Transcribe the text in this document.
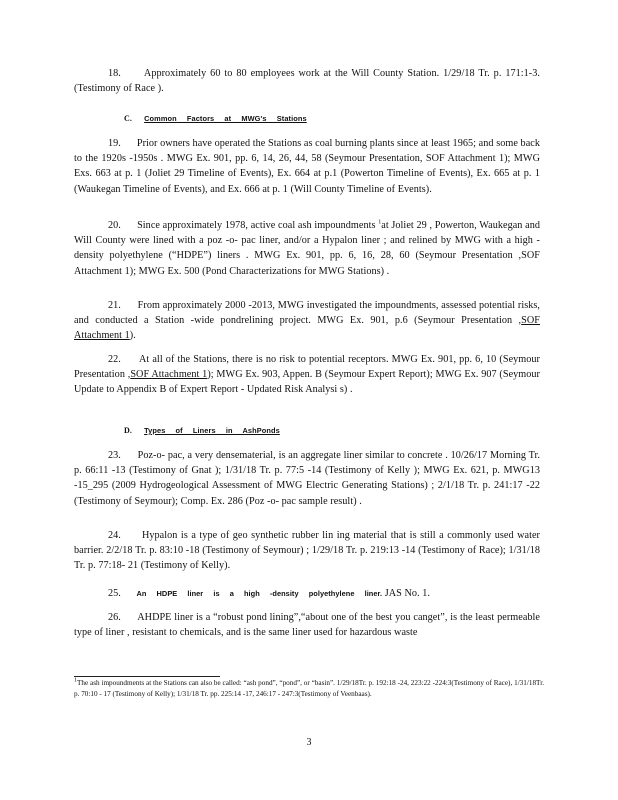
18. Approximately 60 to 80 employees work at the Will County Station. 1/29/18 Tr. p. 171:1-3. (Testimony of Race ).

C. Common Factors at MWG's Stations

19. Prior owners have operated the Stations as coal burning plants since at least 1965; and some back to the 1920s -1950s . MWG Ex. 901, pp. 6, 14, 26, 44, 58 (Seymour Presentation, SOF Attachment 1); MWG Exs. 663 at p. 1 (Joliet 29 Timeline of Events), Ex. 664 at p.1 (Powerton Timeline of Events), Ex. 665 at p. 1 (Waukegan Timeline of Events), and Ex. 666 at p. 1 (Will County Timeline of Events).

20. Since approximately 1978, active coal ash impoundments $^1$at Joliet 29 , Powerton, Waukegan and Will County were lined with a poz -o- pac liner, and/or a Hypalon liner ; and relined by MWG with a high -density polyethylene (“HDPE”) liners . MWG Ex. 901, pp. 6, 16, 28, 60 (Seymour Presentation ,SOF Attachment 1); MWG Ex. 500 (Pond Characterizations for MWG Stations) .

21. From approximately 2000 -2013, MWG investigated the impoundments, assessed potential risks, and conducted a Station -wide pondrelining project. MWG Ex. 901, p.6 (Seymour Presentation ,SOF Attachment 1).

22. At all of the Stations, there is no risk to potential receptors. MWG Ex. 901, pp. 6, 10 (Seymour Presentation ,SOF Attachment 1); MWG Ex. 903, Appen. B (Seymour Expert Report); MWG Ex. 907 (Seymour Update to Appendix B of Expert Report - Updated Risk Analysi s) .

D. Types of Liners in AshPonds

23. Poz-o- pac, a very densematerial, is an aggregate liner similar to concrete . 10/26/17 Morning Tr. p. 66:11 -13 (Testimony of Gnat ); 1/31/18 Tr. p. 77:5 -14 (Testimony of Kelly ); MWG Ex. 621, p. MWG13 -15_295 (2009 Hydrogeological Assessment of MWG Electric Generating Stations) ; 2/1/18 Tr. p. 241:17 -22 (Testimony of Seymour); Comp. Ex. 286 (Poz -o- pac sample result) .

24. Hypalon is a type of geo synthetic rubber lin ing material that is still a commonly used water barrier. 2/2/18 Tr. p. 83:10 -18 (Testimony of Seymour) ; 1/29/18 Tr. p. 219:13 -14 (Testimony of Race); 1/31/18 Tr. p. 77:18- 21 (Testimony of Kelly).

25. An HDPE liner is a high -density polyethylene liner. JAS No. 1.

26. AHDPE liner is a “robust pond lining”,“about one of the best you canget”, is the least permeable type of liner , resistant to chemicals, and is the same liner used for hazardous waste

$^1$The ash impoundments at the Stations can also be called: “ash pond”, “pond”, or “basin”. 1/29/18Tr. p. 192:18 -24, 223:22 -224:3(Testimony of Race), 1/31/18Tr. p. 70:10 - 17 (Testimony of Kelly); 1/31/18 Tr. pp. 225:14 -17, 246:17 - 247:3(Testimony of Veenbaas).

3
